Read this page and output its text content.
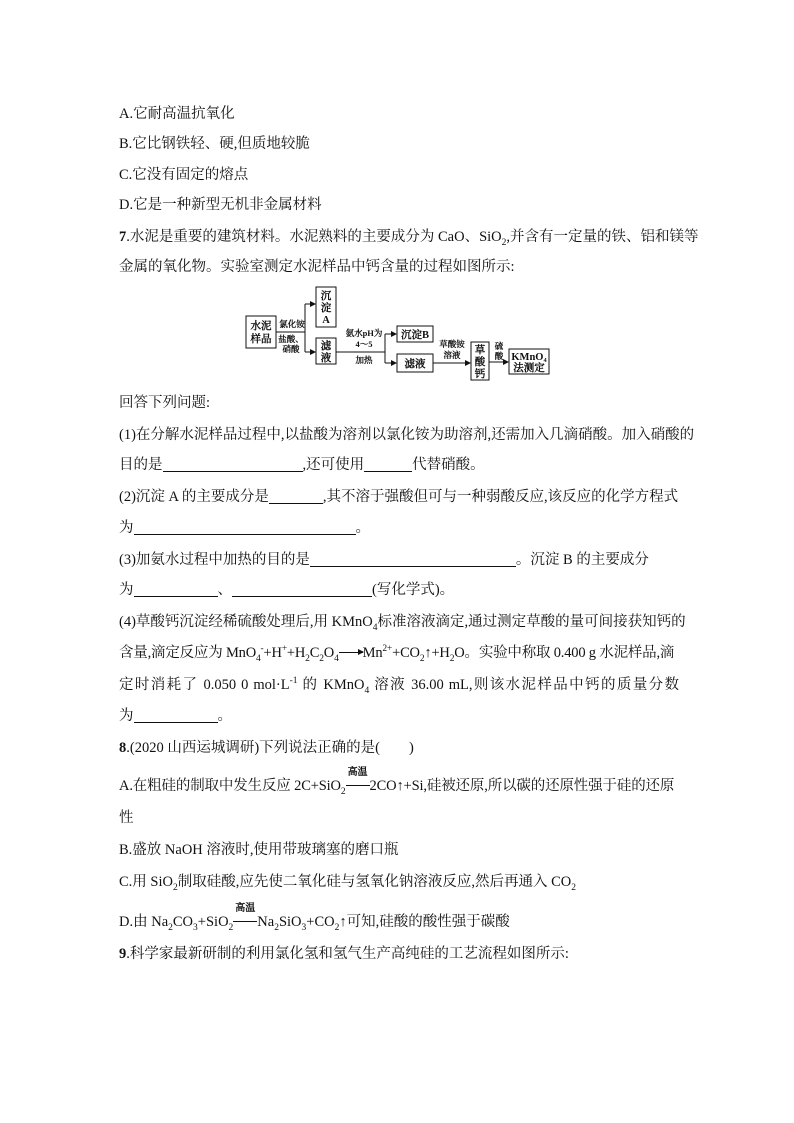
A.它耐高温抗氧化
B.它比钢铁轻、硬,但质地较脆
C.它没有固定的熔点
D.它是一种新型无机非金属材料
7.水泥是重要的建筑材料。水泥熟料的主要成分为 CaO、SiO$_2$,并含有一定量的铁、铝和镁等
金属的氧化物。实验室测定水泥样品中钙含量的过程如图所示:
水泥
样品
沉
淀
A
滤
液
沉淀B
滤液
草
酸
钙
KMnO₄
法测定
氯化铵
盐酸、
硝酸
氨水pH为
4～5
加热
草酸铵
溶液
硫
酸
回答下列问题:
(1)在分解水泥样品过程中,以盐酸为溶剂以氯化铵为助溶剂,还需加入几滴硝酸。加入硝酸的
目的是	,还可使用	代替硝酸。
(2)沉淀 A 的主要成分是	,其不溶于强酸但可与一种弱酸反应,该反应的化学方程式
为	。
(3)加氨水过程中加热的目的是	。沉淀 B 的主要成分
为	、	(写化学式)。
(4)草酸钙沉淀经稀硫酸处理后,用 KMnO$_4$标准溶液滴定,通过测定草酸的量可间接获知钙的
含量,滴定反应为 $MnO_4^-+H^++H_2C_2O_4$ $\to Mn^{2+}+CO_2↑+H_2O$。实验中称取 0.400 g 水泥样品,滴
定时消耗了 0.050 0 $mol\cdot L^{-1}$ 的 KMnO$_4$ 溶液 36.00 mL,则该水泥样品中钙的质量分数
为	。
8.(2020 山西运城调研)下列说法正确的是(　　)
A.在粗硅的制取中发生反应 2C+SiO$_2$
高温
2CO↑+Si,硅被还原,所以碳的还原性强于硅的还原
性
B.盛放 NaOH 溶液时,使用带玻璃塞的磨口瓶
C.用 SiO$_2$制取硅酸,应先使二氧化硅与氢氧化钠溶液反应,然后再通入 $CO_2$
D.由 $Na_2CO_3+SiO_2$
高温
$Na_2SiO_3+CO_2↑$可知,硅酸的酸性强于碳酸
9.科学家最新研制的利用氯化氢和氢气生产高纯硅的工艺流程如图所示:
